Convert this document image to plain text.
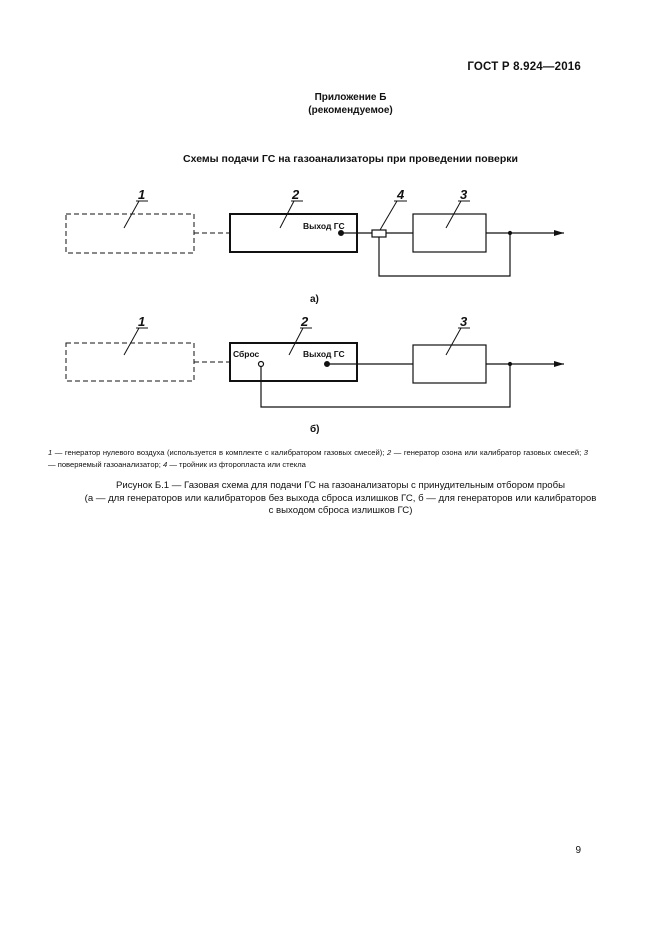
ГОСТ Р 8.924—2016
Приложение Б
(рекомендуемое)
Схемы подачи ГС на газоанализаторы при проведении поверки
1	2	4	3
Выход ГС
а)
1	2	3
Сброс	Выход ГС
б)
1 — генератор нулевого воздуха (используется в комплекте с калибратором газовых смесей); 2 — генератор озона или калибратор газовых смесей; 3 — поверяемый газоанализатор; 4 — тройник из фторопласта или стекла
Рисунок Б.1 — Газовая схема для подачи ГС на газоанализаторы с принудительным отбором пробы
(а — для генераторов или калибраторов без выхода сброса излишков ГС, б — для генераторов или калибраторов
с выходом сброса излишков ГС)
9
